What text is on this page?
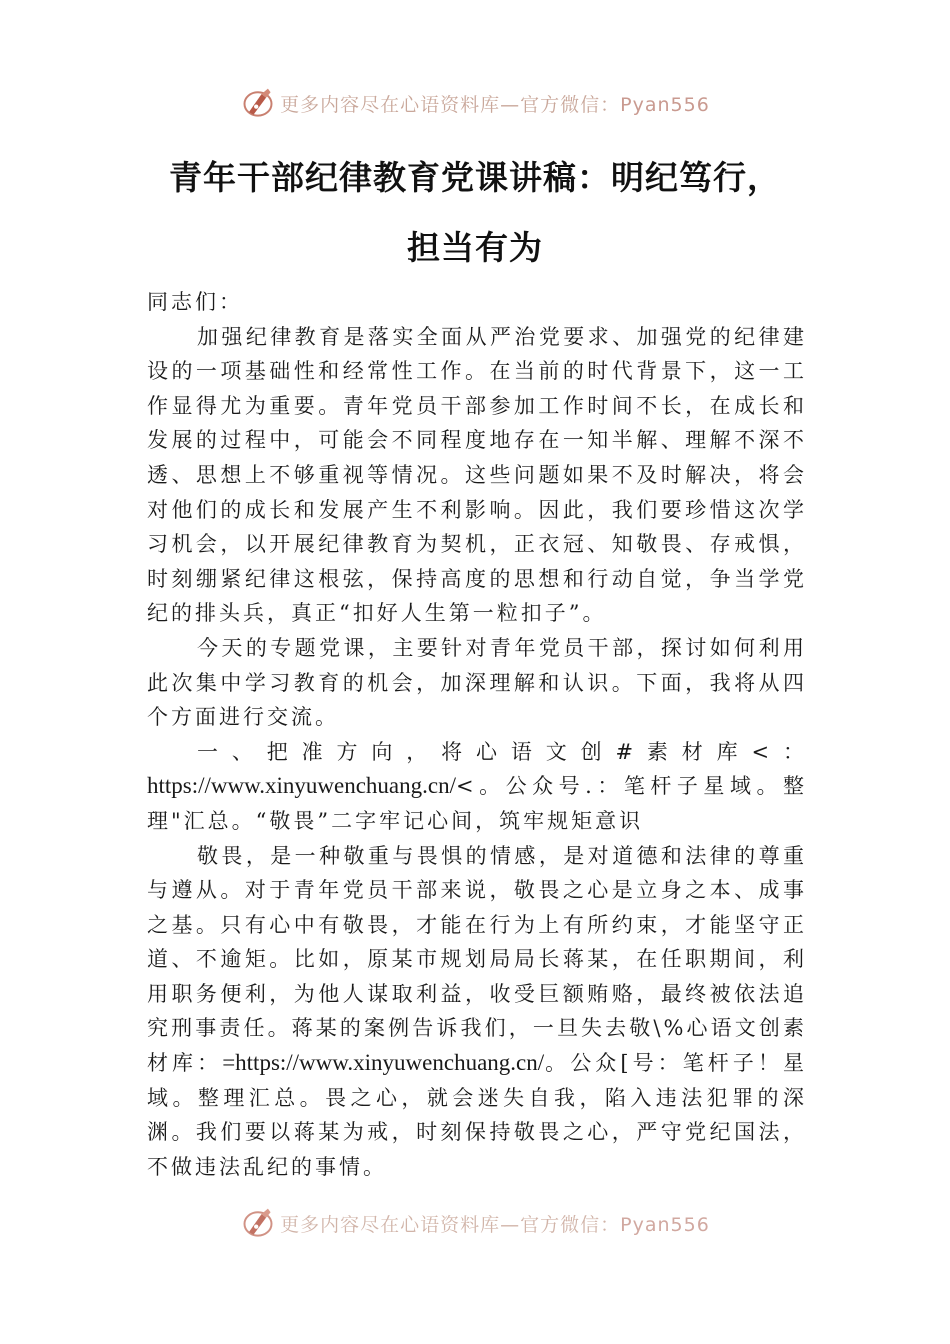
更多内容尽在心语资料库—官方微信：Pyan556
青年干部纪律教育党课讲稿：明纪笃行，
担当有为

同志们：

加强纪律教育是落实全面从严治党要求、加强党的纪律建设的一项基础性和经常性工作。在当前的时代背景下，这一工作显得尤为重要。青年党员干部参加工作时间不长，在成长和发展的过程中，可能会不同程度地存在一知半解、理解不深不透、思想上不够重视等情况。这些问题如果不及时解决，将会对他们的成长和发展产生不利影响。因此，我们要珍惜这次学习机会，以开展纪律教育为契机，正衣冠、知敬畏、存戒惧，时刻绷紧纪律这根弦，保持高度的思想和行动自觉，争当学党纪的排头兵，真正“扣好人生第一粒扣子”。

今天的专题党课，主要针对青年党员干部，探讨如何利用此次集中学习教育的机会，加深理解和认识。下面，我将从四个方面进行交流。

一、把准方向，将心语文创#素材库<：https://www.xinyuwenchuang.cn/<。公众号.：笔杆子星域。整理"汇总。“敬畏”二字牢记心间，筑牢规矩意识

敬畏，是一种敬重与畏惧的情感，是对道德和法律的尊重与遵从。对于青年党员干部来说，敬畏之心是立身之本、成事之基。只有心中有敬畏，才能在行为上有所约束，才能坚守正道、不逾矩。比如，原某市规划局局长蒋某，在任职期间，利用职务便利，为他人谋取利益，收受巨额贿赂，最终被依法追究刑事责任。蒋某的案例告诉我们，一旦失去敬\%心语文创素材库：=https://www.xinyuwenchuang.cn/。公众[号：笔杆子！星域。整理汇总。畏之心，就会迷失自我，陷入违法犯罪的深渊。我们要以蒋某为戒，时刻保持敬畏之心，严守党纪国法，不做违法乱纪的事情。

更多内容尽在心语资料库—官方微信：Pyan556
